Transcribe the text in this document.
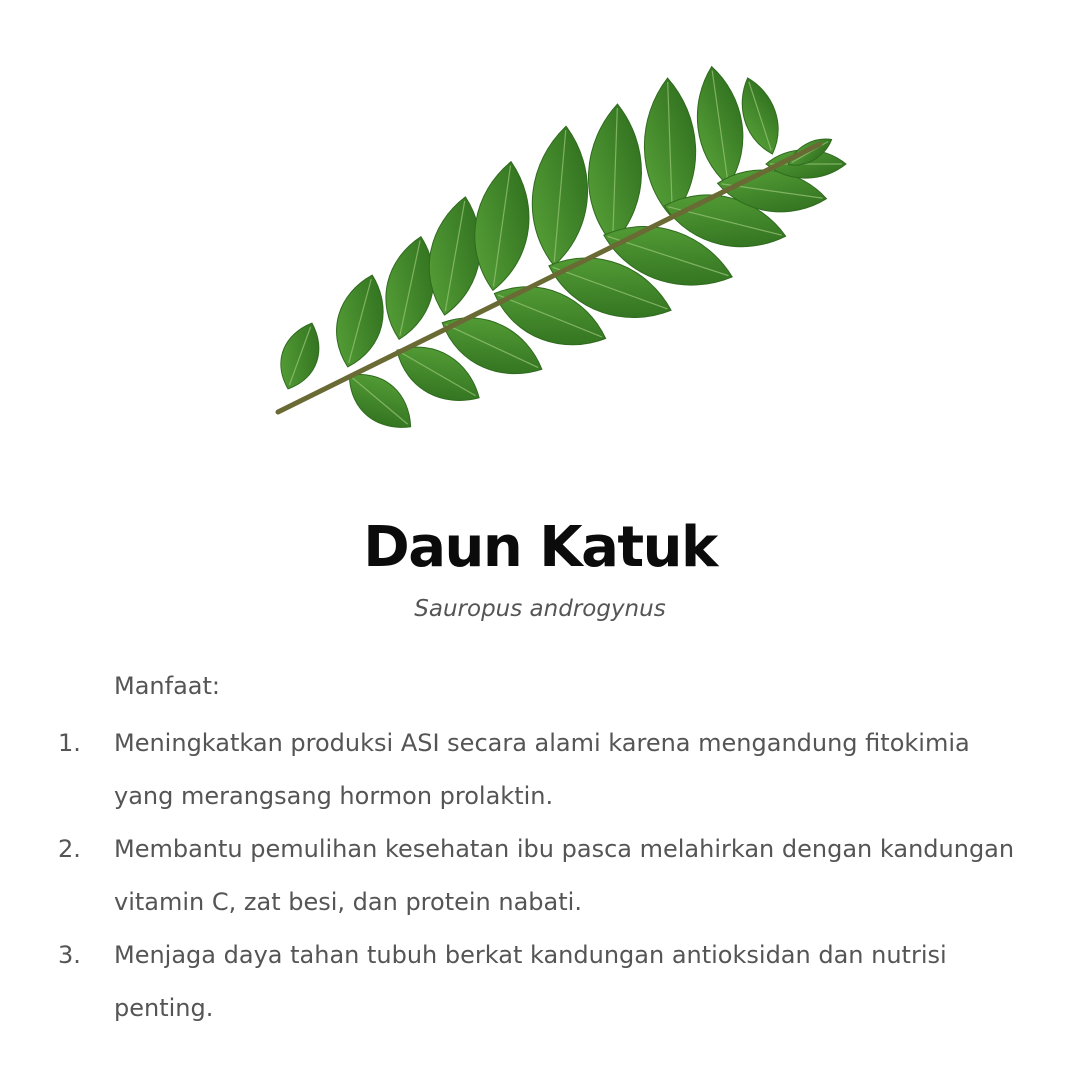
Daun Katuk
Sauropus androgynus
Manfaat:
1. Meningkatkan produksi ASI secara alami karena mengandung fitokimia yang merangsang hormon prolaktin.
2. Membantu pemulihan kesehatan ibu pasca melahirkan dengan kandungan vitamin C, zat besi, dan protein nabati.
3. Menjaga daya tahan tubuh berkat kandungan antioksidan dan nutrisi penting.
